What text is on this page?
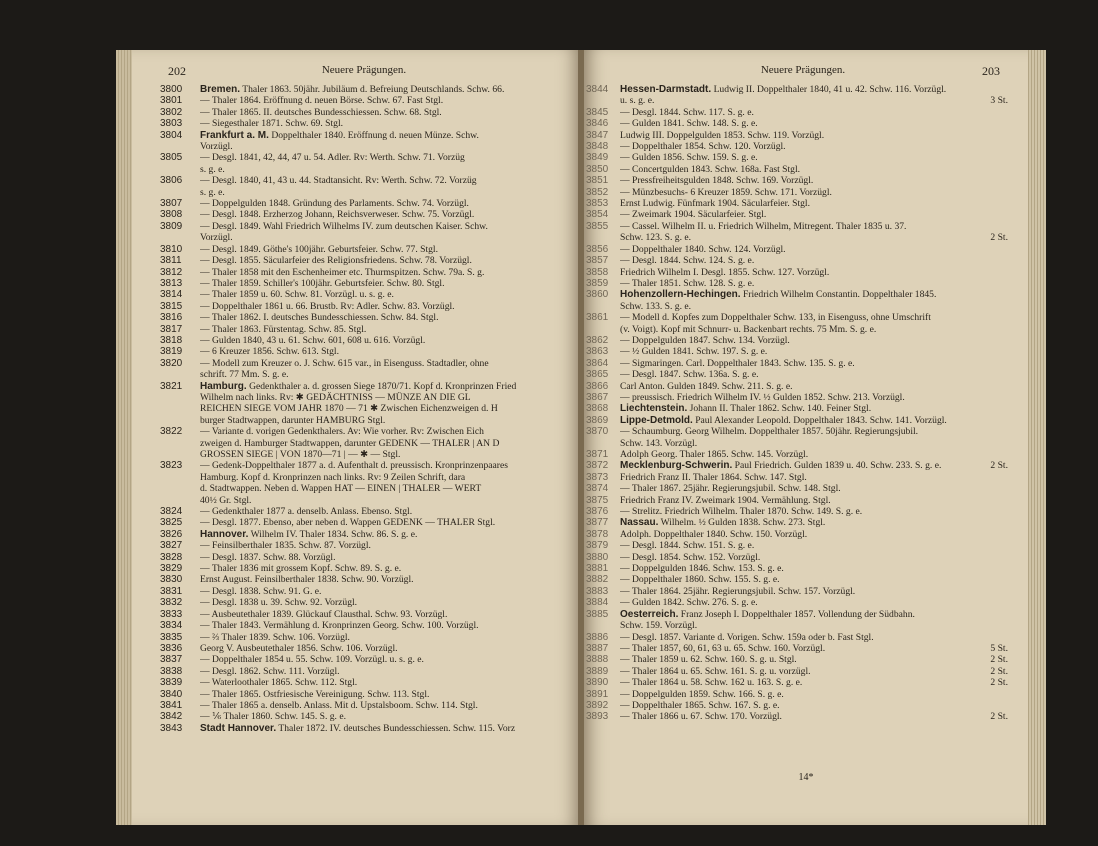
202	Neuere Prägungen.
3800	Bremen. Thaler 1863. 50jähr. Jubiläum d. Befreiung Deutschlands. Schw. 66.
3801	— Thaler 1864. Eröffnung d. neuen Börse. Schw. 67. Fast Stgl.
3802	— Thaler 1865. II. deutsches Bundesschiessen. Schw. 68. Stgl.
3803	— Siegesthaler 1871. Schw. 69. Stgl.
3804	Frankfurt a. M. Doppelthaler 1840. Eröffnung d. neuen Münze. Schw.
Vorzügl.
3805	— Desgl. 1841, 42, 44, 47 u. 54. Adler. Rv: Werth. Schw. 71. Vorzüg
s. g. e.
3806	— Desgl. 1840, 41, 43 u. 44. Stadtansicht. Rv: Werth. Schw. 72. Vorzüg
s. g. e.
3807	— Doppelgulden 1848. Gründung des Parlaments. Schw. 74. Vorzügl.
3808	— Desgl. 1848. Erzherzog Johann, Reichsverweser. Schw. 75. Vorzügl.
3809	— Desgl. 1849. Wahl Friedrich Wilhelms IV. zum deutschen Kaiser. Schw.
Vorzügl.
3810	— Desgl. 1849. Göthe's 100jähr. Geburtsfeier. Schw. 77. Stgl.
3811	— Desgl. 1855. Säcularfeier des Religionsfriedens. Schw. 78. Vorzügl.
3812	— Thaler 1858 mit den Eschenheimer etc. Thurmspitzen. Schw. 79a. S. g.
3813	— Thaler 1859. Schiller's 100jähr. Geburtsfeier. Schw. 80. Stgl.
3814	— Thaler 1859 u. 60. Schw. 81. Vorzügl. u. s. g. e.
3815	— Doppelthaler 1861 u. 66. Brustb. Rv: Adler. Schw. 83. Vorzügl.
3816	— Thaler 1862. I. deutsches Bundesschiessen. Schw. 84. Stgl.
3817	— Thaler 1863. Fürstentag. Schw. 85. Stgl.
3818	— Gulden 1840, 43 u. 61. Schw. 601, 608 u. 616. Vorzügl.
3819	— 6 Kreuzer 1856. Schw. 613. Stgl.
3820	— Modell zum Kreuzer o. J. Schw. 615 var., in Eisenguss. Stadtadler, ohne
schrift. 77 Mm. S. g. e.
3821	Hamburg. Gedenkthaler a. d. grossen Siege 1870/71. Kopf d. Kronprinzen Fried
Wilhelm nach links. Rv: ✱ GEDÄCHTNISS — MÜNZE AN DIE GL
REICHEN SIEGE VOM JAHR 1870 — 71 ✱ Zwischen Eichenzweigen d. H
burger Stadtwappen, darunter HAMBURG Stgl.
3822	— Variante d. vorigen Gedenkthalers. Av: Wie vorher. Rv: Zwischen Eich
zweigen d. Hamburger Stadtwappen, darunter GEDENK — THALER | AN D
GROSSEN SIEGE | VON 1870—71 | — ✱ — Stgl.
3823	— Gedenk-Doppelthaler 1877 a. d. Aufenthalt d. preussisch. Kronprinzenpaares
Hamburg. Kopf d. Kronprinzen nach links. Rv: 9 Zeilen Schrift, dara
d. Stadtwappen. Neben d. Wappen HAT — EINEN | THALER — WERT
40½ Gr. Stgl.
3824	— Gedenkthaler 1877 a. denselb. Anlass. Ebenso. Stgl.
3825	— Desgl. 1877. Ebenso, aber neben d. Wappen GEDENK — THALER Stgl.
3826	Hannover. Wilhelm IV. Thaler 1834. Schw. 86. S. g. e.
3827	— Feinsilberthaler 1835. Schw. 87. Vorzügl.
3828	— Desgl. 1837. Schw. 88. Vorzügl.
3829	— Thaler 1836 mit grossem Kopf. Schw. 89. S. g. e.
3830	Ernst August. Feinsilberthaler 1838. Schw. 90. Vorzügl.
3831	— Desgl. 1838. Schw. 91. G. e.
3832	— Desgl. 1838 u. 39. Schw. 92. Vorzügl.
3833	— Ausbeutethaler 1839. Glückauf Clausthal. Schw. 93. Vorzügl.
3834	— Thaler 1843. Vermählung d. Kronprinzen Georg. Schw. 100. Vorzügl.
3835	— ⅔ Thaler 1839. Schw. 106. Vorzügl.
3836	Georg V. Ausbeutethaler 1856. Schw. 106. Vorzügl.
3837	— Doppelthaler 1854 u. 55. Schw. 109. Vorzügl. u. s. g. e.
3838	— Desgl. 1862. Schw. 111. Vorzügl.
3839	— Waterloothaler 1865. Schw. 112. Stgl.
3840	— Thaler 1865. Ostfriesische Vereinigung. Schw. 113. Stgl.
3841	— Thaler 1865 a. denselb. Anlass. Mit d. Upstalsboom. Schw. 114. Stgl.
3842	— ⅙ Thaler 1860. Schw. 145. S. g. e.
3843	Stadt Hannover. Thaler 1872. IV. deutsches Bundesschiessen. Schw. 115. Vorz
Neuere Prägungen.	203
3844	Hessen-Darmstadt. Ludwig II. Doppelthaler 1840, 41 u. 42. Schw. 116. Vorzügl.
u. s. g. e.	3 St.
3845	— Desgl. 1844. Schw. 117. S. g. e.
3846	— Gulden 1841. Schw. 148. S. g. e.
3847	Ludwig III. Doppelgulden 1853. Schw. 119. Vorzügl.
3848	— Doppelthaler 1854. Schw. 120. Vorzügl.
3849	— Gulden 1856. Schw. 159. S. g. e.
3850	— Concertgulden 1843. Schw. 168a. Fast Stgl.
3851	— Pressfreiheitsgulden 1848. Schw. 169. Vorzügl.
3852	— Münzbesuchs- 6 Kreuzer 1859. Schw. 171. Vorzügl.
3853	Ernst Ludwig. Fünfmark 1904. Säcularfeier. Stgl.
3854	— Zweimark 1904. Säcularfeier. Stgl.
3855	— Cassel. Wilhelm II. u. Friedrich Wilhelm, Mitregent. Thaler 1835 u. 37.
Schw. 123. S. g. e.	2 St.
3856	— Doppelthaler 1840. Schw. 124. Vorzügl.
3857	— Desgl. 1844. Schw. 124. S. g. e.
3858	Friedrich Wilhelm I. Desgl. 1855. Schw. 127. Vorzügl.
3859	— Thaler 1851. Schw. 128. S. g. e.
3860	Hohenzollern-Hechingen. Friedrich Wilhelm Constantin. Doppelthaler 1845.
Schw. 133. S. g. e.
3861	— Modell d. Kopfes zum Doppelthaler Schw. 133, in Eisenguss, ohne Umschrift
(v. Voigt). Kopf mit Schnurr- u. Backenbart rechts. 75 Mm. S. g. e.
3862	— Doppelgulden 1847. Schw. 134. Vorzügl.
3863	— ½ Gulden 1841. Schw. 197. S. g. e.
3864	— Sigmaringen. Carl. Doppelthaler 1843. Schw. 135. S. g. e.
3865	— Desgl. 1847. Schw. 136a. S. g. e.
3866	Carl Anton. Gulden 1849. Schw. 211. S. g. e.
3867	— preussisch. Friedrich Wilhelm IV. ½ Gulden 1852. Schw. 213. Vorzügl.
3868	Liechtenstein. Johann II. Thaler 1862. Schw. 140. Feiner Stgl.
3869	Lippe-Detmold. Paul Alexander Leopold. Doppelthaler 1843. Schw. 141. Vorzügl.
3870	— Schaumburg. Georg Wilhelm. Doppelthaler 1857. 50jähr. Regierungsjubil.
Schw. 143. Vorzügl.
3871	Adolph Georg. Thaler 1865. Schw. 145. Vorzügl.
3872	Mecklenburg-Schwerin. Paul Friedrich. Gulden 1839 u. 40. Schw. 233. S. g. e.	2 St.
3873	Friedrich Franz II. Thaler 1864. Schw. 147. Stgl.
3874	— Thaler 1867. 25jähr. Regierungsjubil. Schw. 148. Stgl.
3875	Friedrich Franz IV. Zweimark 1904. Vermählung. Stgl.
3876	— Strelitz. Friedrich Wilhelm. Thaler 1870. Schw. 149. S. g. e.
3877	Nassau. Wilhelm. ½ Gulden 1838. Schw. 273. Stgl.
3878	Adolph. Doppelthaler 1840. Schw. 150. Vorzügl.
3879	— Desgl. 1844. Schw. 151. S. g. e.
3880	— Desgl. 1854. Schw. 152. Vorzügl.
3881	— Doppelgulden 1846. Schw. 153. S. g. e.
3882	— Doppelthaler 1860. Schw. 155. S. g. e.
3883	— Thaler 1864. 25jähr. Regierungsjubil. Schw. 157. Vorzügl.
3884	— Gulden 1842. Schw. 276. S. g. e.
3885	Oesterreich. Franz Joseph I. Doppelthaler 1857. Vollendung der Südbahn.
Schw. 159. Vorzügl.
3886	— Desgl. 1857. Variante d. Vorigen. Schw. 159a oder b. Fast Stgl.
3887	— Thaler 1857, 60, 61, 63 u. 65. Schw. 160. Vorzügl.	5 St.
3888	— Thaler 1859 u. 62. Schw. 160. S. g. u. Stgl.	2 St.
3889	— Thaler 1864 u. 65. Schw. 161. S. g. u. vorzügl.	2 St.
3890	— Thaler 1864 u. 58. Schw. 162 u. 163. S. g. e.	2 St.
3891	— Doppelgulden 1859. Schw. 166. S. g. e.
3892	— Doppelthaler 1865. Schw. 167. S. g. e.
3893	— Thaler 1866 u. 67. Schw. 170. Vorzügl.	2 St.
14*
